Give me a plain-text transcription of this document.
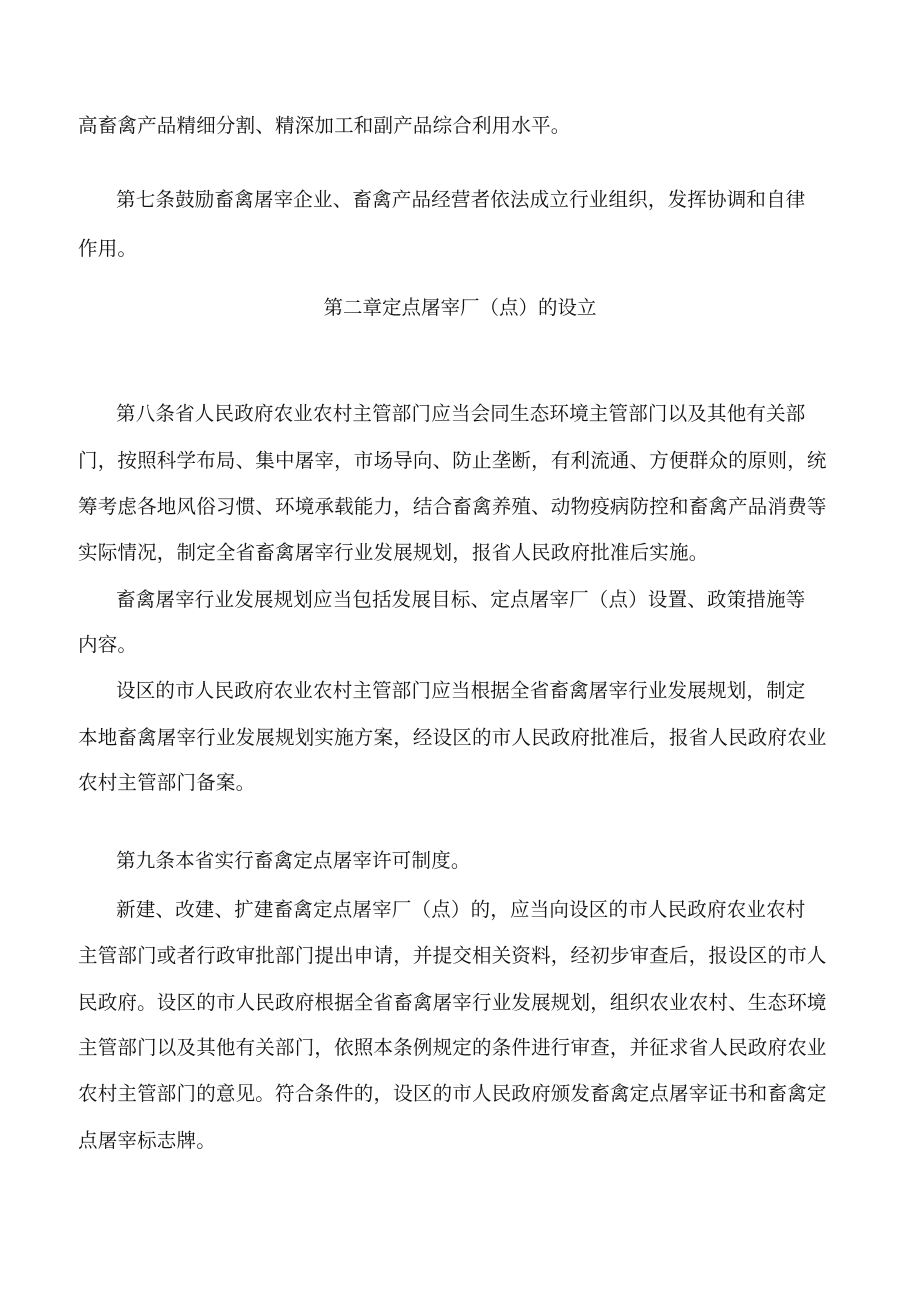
高畜禽产品精细分割、精深加工和副产品综合利用水平。
第七条鼓励畜禽屠宰企业、畜禽产品经营者依法成立行业组织，发挥协调和自律
作用。
第二章定点屠宰厂（点）的设立
第八条省人民政府农业农村主管部门应当会同生态环境主管部门以及其他有关部
门，按照科学布局、集中屠宰，市场导向、防止垄断，有利流通、方便群众的原则，统
筹考虑各地风俗习惯、环境承载能力，结合畜禽养殖、动物疫病防控和畜禽产品消费等
实际情况，制定全省畜禽屠宰行业发展规划，报省人民政府批准后实施。
畜禽屠宰行业发展规划应当包括发展目标、定点屠宰厂（点）设置、政策措施等
内容。
设区的市人民政府农业农村主管部门应当根据全省畜禽屠宰行业发展规划，制定
本地畜禽屠宰行业发展规划实施方案，经设区的市人民政府批准后，报省人民政府农业
农村主管部门备案。
第九条本省实行畜禽定点屠宰许可制度。
新建、改建、扩建畜禽定点屠宰厂（点）的，应当向设区的市人民政府农业农村
主管部门或者行政审批部门提出申请，并提交相关资料，经初步审查后，报设区的市人
民政府。设区的市人民政府根据全省畜禽屠宰行业发展规划，组织农业农村、生态环境
主管部门以及其他有关部门，依照本条例规定的条件进行审查，并征求省人民政府农业
农村主管部门的意见。符合条件的，设区的市人民政府颁发畜禽定点屠宰证书和畜禽定
点屠宰标志牌。
